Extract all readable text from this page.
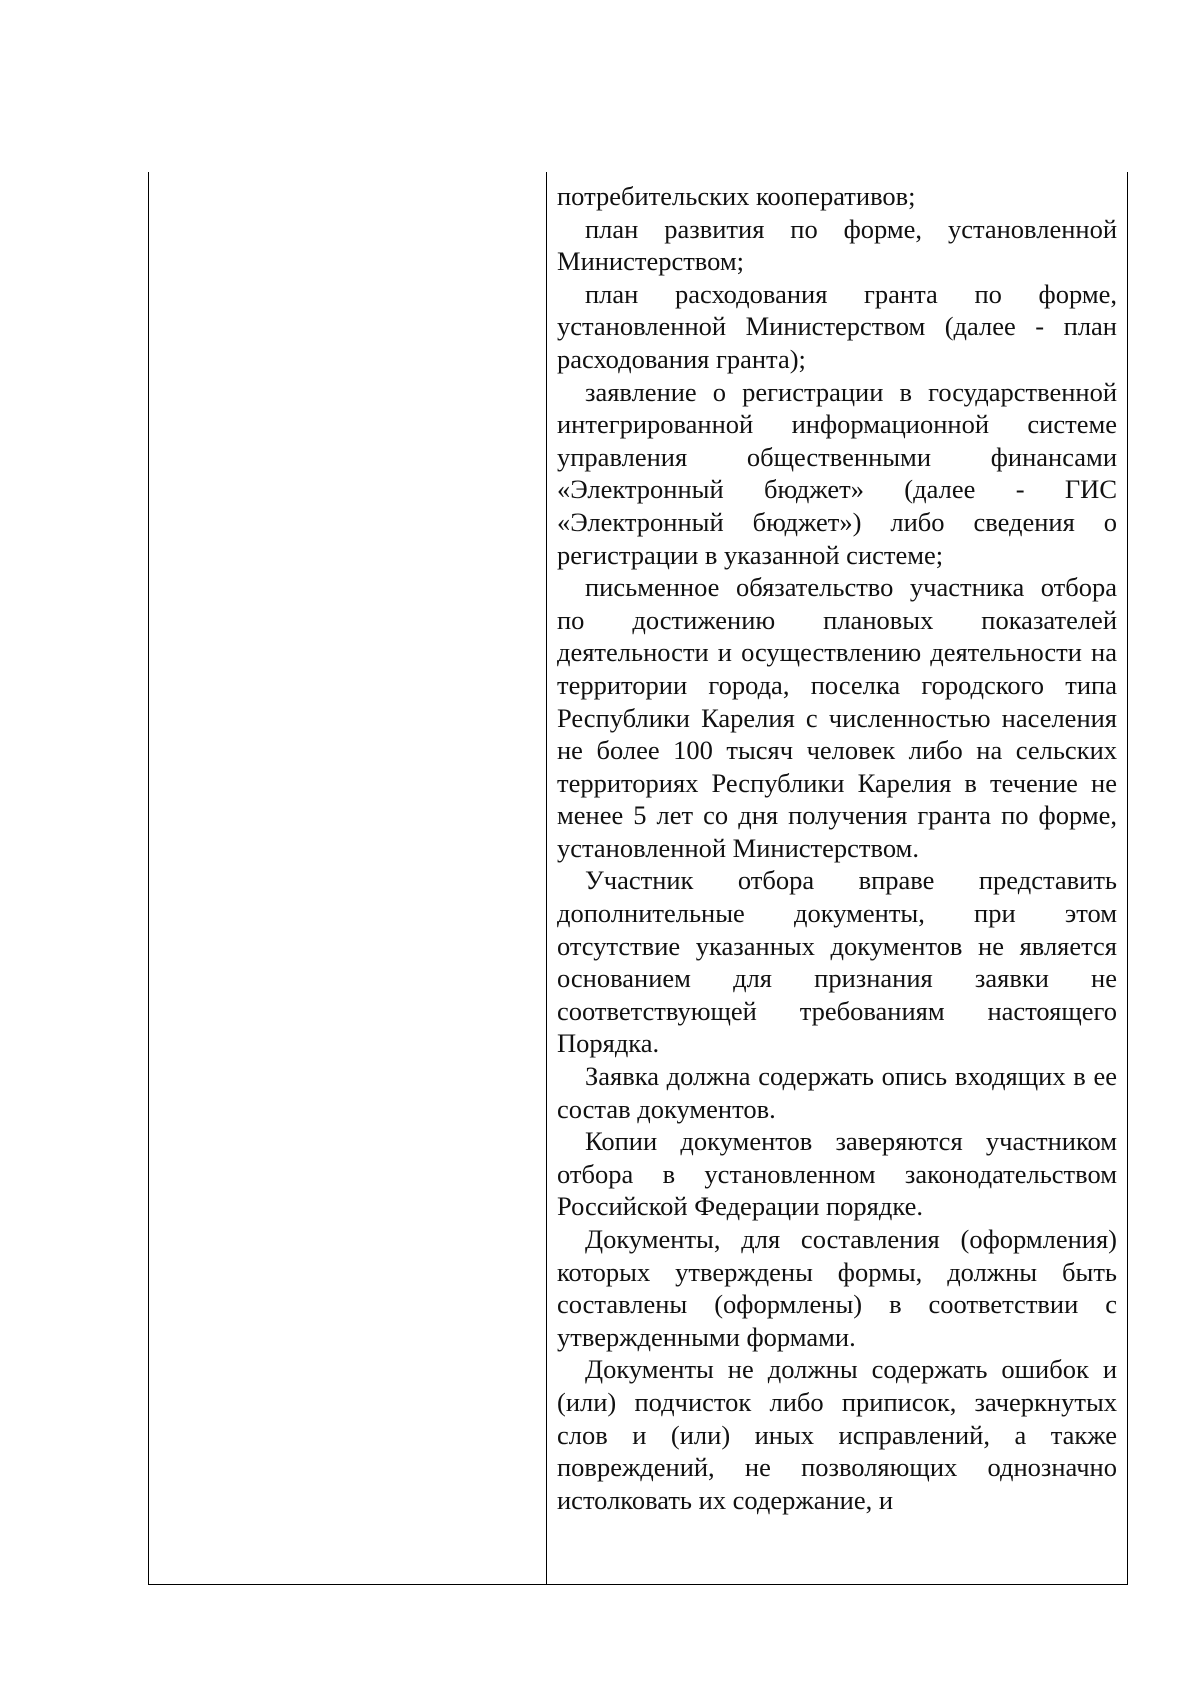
потребительских кооперативов;

план развития по форме, установленной Министерством;

план расходования гранта по форме, установленной Министерством (далее - план расходования гранта);

заявление о регистрации в государственной интегрированной информационной системе управления общественными финансами «Электронный бюджет» (далее - ГИС «Электронный бюджет») либо сведения о регистрации в указанной системе;

письменное обязательство участника отбора по достижению плановых показателей деятельности и осуществлению деятельности на территории города, поселка городского типа Республики Карелия с численностью населения не более 100 тысяч человек либо на сельских территориях Республики Карелия в течение не менее 5 лет со дня получения гранта по форме, установленной Министерством.

Участник отбора вправе представить дополнительные документы, при этом отсутствие указанных документов не является основанием для признания заявки не соответствующей требованиям настоящего Порядка.

Заявка должна содержать опись входящих в ее состав документов.

Копии документов заверяются участником отбора в установленном законодательством Российской Федерации порядке.

Документы, для составления (оформления) которых утверждены формы, должны быть составлены (оформлены) в соответствии с утвержденными формами.

Документы не должны содержать ошибок и (или) подчисток либо приписок, зачеркнутых слов и (или) иных исправлений, а также повреждений, не позволяющих однозначно истолковать их содержание, и
